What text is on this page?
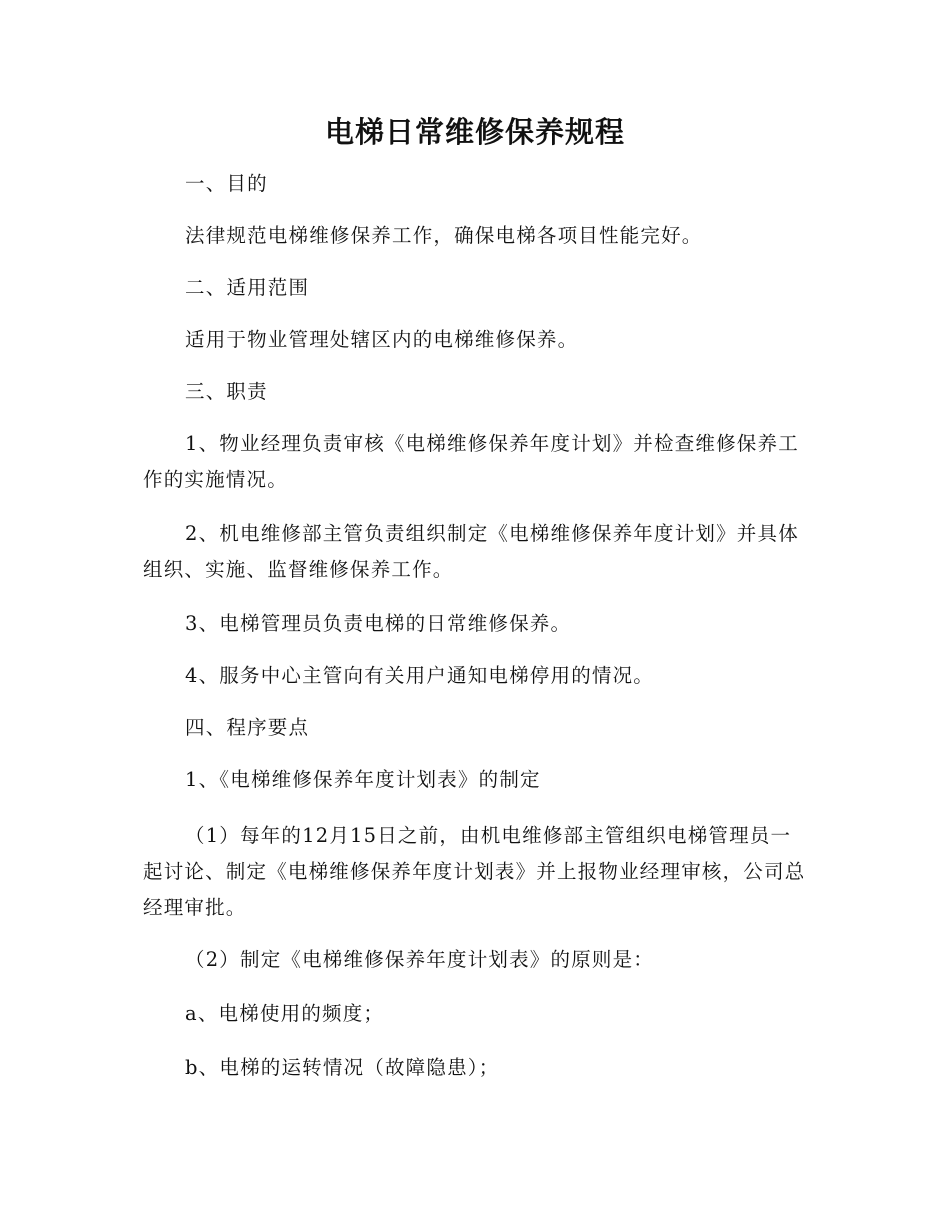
电梯日常维修保养规程

一、目的

法律规范电梯维修保养工作，确保电梯各项目性能完好。

二、适用范围

适用于物业管理处辖区内的电梯维修保养。

三、职责

1、物业经理负责审核《电梯维修保养年度计划》并检查维修保养工作的实施情况。

2、机电维修部主管负责组织制定《电梯维修保养年度计划》并具体组织、实施、监督维修保养工作。

3、电梯管理员负责电梯的日常维修保养。

4、服务中心主管向有关用户通知电梯停用的情况。

四、程序要点

1、《电梯维修保养年度计划表》的制定

（1）每年的12月15日之前，由机电维修部主管组织电梯管理员一起讨论、制定《电梯维修保养年度计划表》并上报物业经理审核，公司总经理审批。

（2）制定《电梯维修保养年度计划表》的原则是：

a、电梯使用的频度；

b、电梯的运转情况（故障隐患）；
